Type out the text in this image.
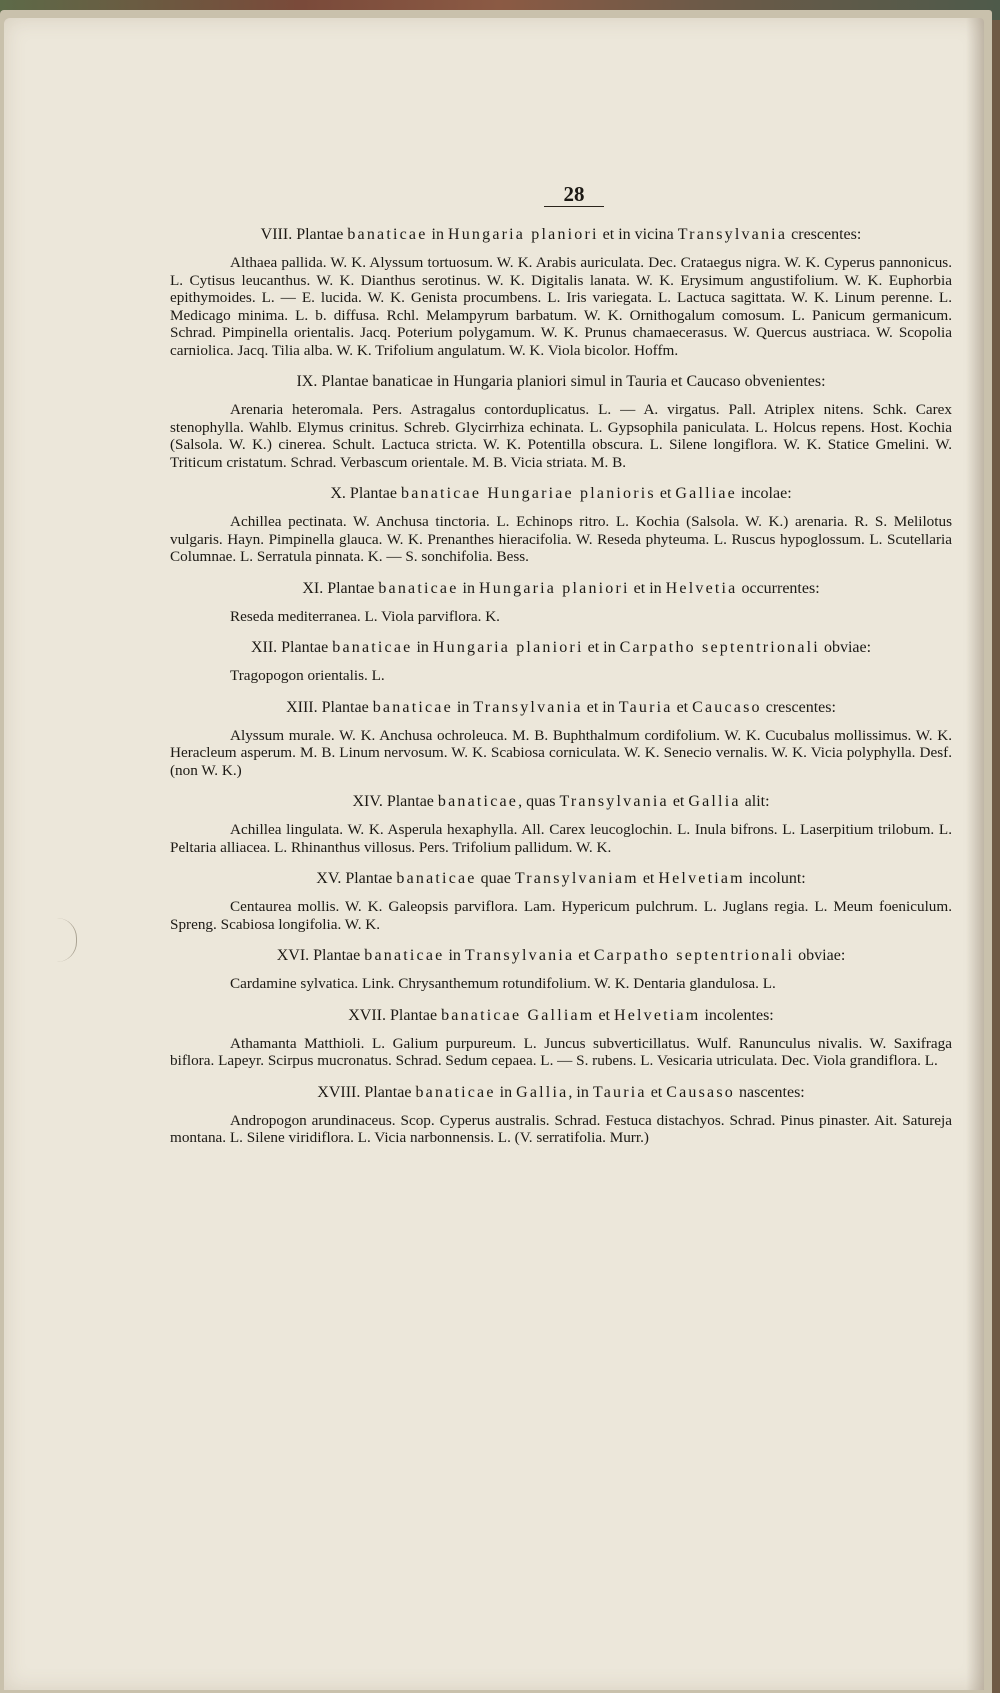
28

VIII. Plantae banaticae in Hungaria planiori et in vicina Transylvania crescentes:

Althaea pallida. W. K. Alyssum tortuosum. W. K. Arabis auriculata. Dec. Crataegus nigra. W. K. Cyperus pannonicus. L. Cytisus leucanthus. W. K. Dianthus serotinus. W. K. Digitalis lanata. W. K. Erysimum angustifolium. W. K. Euphorbia epithymoides. L. — E. lucida. W. K. Genista procumbens. L. Iris variegata. L. Lactuca sagittata. W. K. Linum perenne. L. Medicago minima. L. b. diffusa. Rchl. Melampyrum barbatum. W. K. Ornithogalum comosum. L. Panicum germanicum. Schrad. Pimpinella orientalis. Jacq. Poterium polygamum. W. K. Prunus chamaecerasus. W. Quercus austriaca. W. Scopolia carniolica. Jacq. Tilia alba. W. K. Trifolium angulatum. W. K. Viola bicolor. Hoffm.

IX. Plantae banaticae in Hungaria planiori simul in Tauria et Caucaso obvenientes:

Arenaria heteromala. Pers. Astragalus contorduplicatus. L. — A. virgatus. Pall. Atriplex nitens. Schk. Carex stenophylla. Wahlb. Elymus crinitus. Schreb. Glycirrhiza echinata. L. Gypsophila paniculata. L. Holcus repens. Host. Kochia (Salsola. W. K.) cinerea. Schult. Lactuca stricta. W. K. Potentilla obscura. L. Silene longiflora. W. K. Statice Gmelini. W. Triticum cristatum. Schrad. Verbascum orientale. M. B. Vicia striata. M. B.

X. Plantae banaticae Hungariae planioris et Galliae incolae:

Achillea pectinata. W. Anchusa tinctoria. L. Echinops ritro. L. Kochia (Salsola. W. K.) arenaria. R. S. Melilotus vulgaris. Hayn. Pimpinella glauca. W. K. Prenanthes hieracifolia. W. Reseda phyteuma. L. Ruscus hypoglossum. L. Scutellaria Columnae. L. Serratula pinnata. K. — S. sonchifolia. Bess.

XI. Plantae banaticae in Hungaria planiori et in Helvetia occurrentes:

Reseda mediterranea. L. Viola parviflora. K.

XII. Plantae banaticae in Hungaria planiori et in Carpatho septentrionali obviae:

Tragopogon orientalis. L.

XIII. Plantae banaticae in Transylvania et in Tauria et Caucaso crescentes:

Alyssum murale. W. K. Anchusa ochroleuca. M. B. Buphthalmum cordifolium. W. K. Cucubalus mollissimus. W. K. Heracleum asperum. M. B. Linum nervosum. W. K. Scabiosa corniculata. W. K. Senecio vernalis. W. K. Vicia polyphylla. Desf. (non W. K.)

XIV. Plantae banaticae, quas Transylvania et Gallia alit:

Achillea lingulata. W. K. Asperula hexaphylla. All. Carex leucoglochin. L. Inula bifrons. L. Laserpitium trilobum. L. Peltaria alliacea. L. Rhinanthus villosus. Pers. Trifolium pallidum. W. K.

XV. Plantae banaticae quae Transylvaniam et Helvetiam incolunt:

Centaurea mollis. W. K. Galeopsis parviflora. Lam. Hypericum pulchrum. L. Juglans regia. L. Meum foeniculum. Spreng. Scabiosa longifolia. W. K.

XVI. Plantae banaticae in Transylvania et Carpatho septentrionali obviae:

Cardamine sylvatica. Link. Chrysanthemum rotundifolium. W. K. Dentaria glandulosa. L.

XVII. Plantae banaticae Galliam et Helvetiam incolentes:

Athamanta Matthioli. L. Galium purpureum. L. Juncus subverticillatus. Wulf. Ranunculus nivalis. W. Saxifraga biflora. Lapeyr. Scirpus mucronatus. Schrad. Sedum cepaea. L. — S. rubens. L. Vesicaria utriculata. Dec. Viola grandiflora. L.

XVIII. Plantae banaticae in Gallia, in Tauria et Causaso nascentes:

Andropogon arundinaceus. Scop. Cyperus australis. Schrad. Festuca distachyos. Schrad. Pinus pinaster. Ait. Satureja montana. L. Silene viridiflora. L. Vicia narbonnensis. L. (V. serratifolia. Murr.)
